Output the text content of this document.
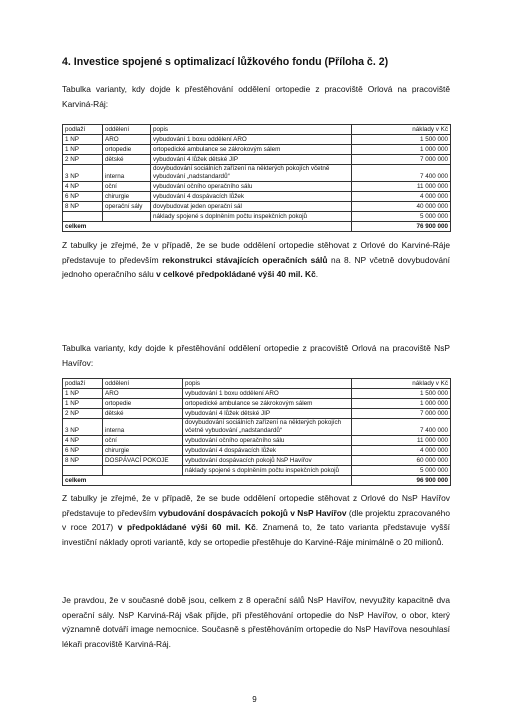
4. Investice spojené s optimalizací lůžkového fondu (Příloha č. 2)
Tabulka varianty, kdy dojde k přestěhování oddělení ortopedie z pracoviště Orlová na pracoviště Karviná-Ráj:
podlaží	oddělení	popis	náklady v Kč
1 NP	ARO	vybudování 1 boxu oddělení ARO	1 500 000
1 NP	ortopedie	ortopedické ambulance se zákrokovým sálem	1 000 000
2 NP	dětské	vybudování 4 lůžek dětské JIP	7 000 000
3 NP	interna	dovybudování sociálních zařízení na některých pokojích včetně vybudování „nadstandardů“	7 400 000
4 NP	oční	vybudování očního operačního sálu	11 000 000
6 NP	chirurgie	vybudování 4 dospávacích lůžek	4 000 000
8 NP	operační sály	dovybudovat jeden operační sál	40 000 000
		náklady spojené s doplněním počtu inspekčních pokojů	5 000 000
celkem			76 900 000
Z tabulky je zřejmé, že v případě, že se bude oddělení ortopedie stěhovat z Orlové do Karviné-Ráje představuje to především rekonstrukci stávajících operačních sálů na 8. NP včetně dovybudování jednoho operačního sálu v celkové předpokládané výši 40 mil. Kč.
Tabulka varianty, kdy dojde k přestěhování oddělení ortopedie z pracoviště Orlová na pracoviště NsP Havířov:
podlaží	oddělení	popis	náklady v Kč
1 NP	ARO	vybudování 1 boxu oddělení ARO	1 500 000
1 NP	ortopedie	ortopedické ambulance se zákrokovým sálem	1 000 000
2 NP	dětské	vybudování 4 lůžek dětské JIP	7 000 000
3 NP	interna	dovybudování sociálních zařízení na některých pokojích včetně vybudování „nadstandardů“	7 400 000
4 NP	oční	vybudování očního operačního sálu	11 000 000
6 NP	chirurgie	vybudování 4 dospávacích lůžek	4 000 000
8 NP	DOSPÁVACÍ POKOJE	vybudování dospávacích pokojů NsP Havířov	60 000 000
		náklady spojené s doplněním počtu inspekčních pokojů	5 000 000
celkem			96 900 000
Z tabulky je zřejmé, že v případě, že se bude oddělení ortopedie stěhovat z Orlové do NsP Havířov představuje to především vybudování dospávacích pokojů v NsP Havířov (dle projektu zpracovaného v roce 2017) v předpokládané výši 60 mil. Kč. Znamená to, že tato varianta představuje vyšší investiční náklady oproti variantě, kdy se ortopedie přestěhuje do Karviné-Ráje minimálně o 20 milionů.
Je pravdou, že v současné době jsou, celkem z 8 operační sálů NsP Havířov, nevyužity kapacitně dva operační sály. NsP Karviná-Ráj však přijde, při přestěhování ortopedie do NsP Havířov, o obor, který významně dotváří image nemocnice. Současně s přestěhováním ortopedie do NsP Havířova nesouhlasí lékaři pracoviště Karviná-Ráj.
9
